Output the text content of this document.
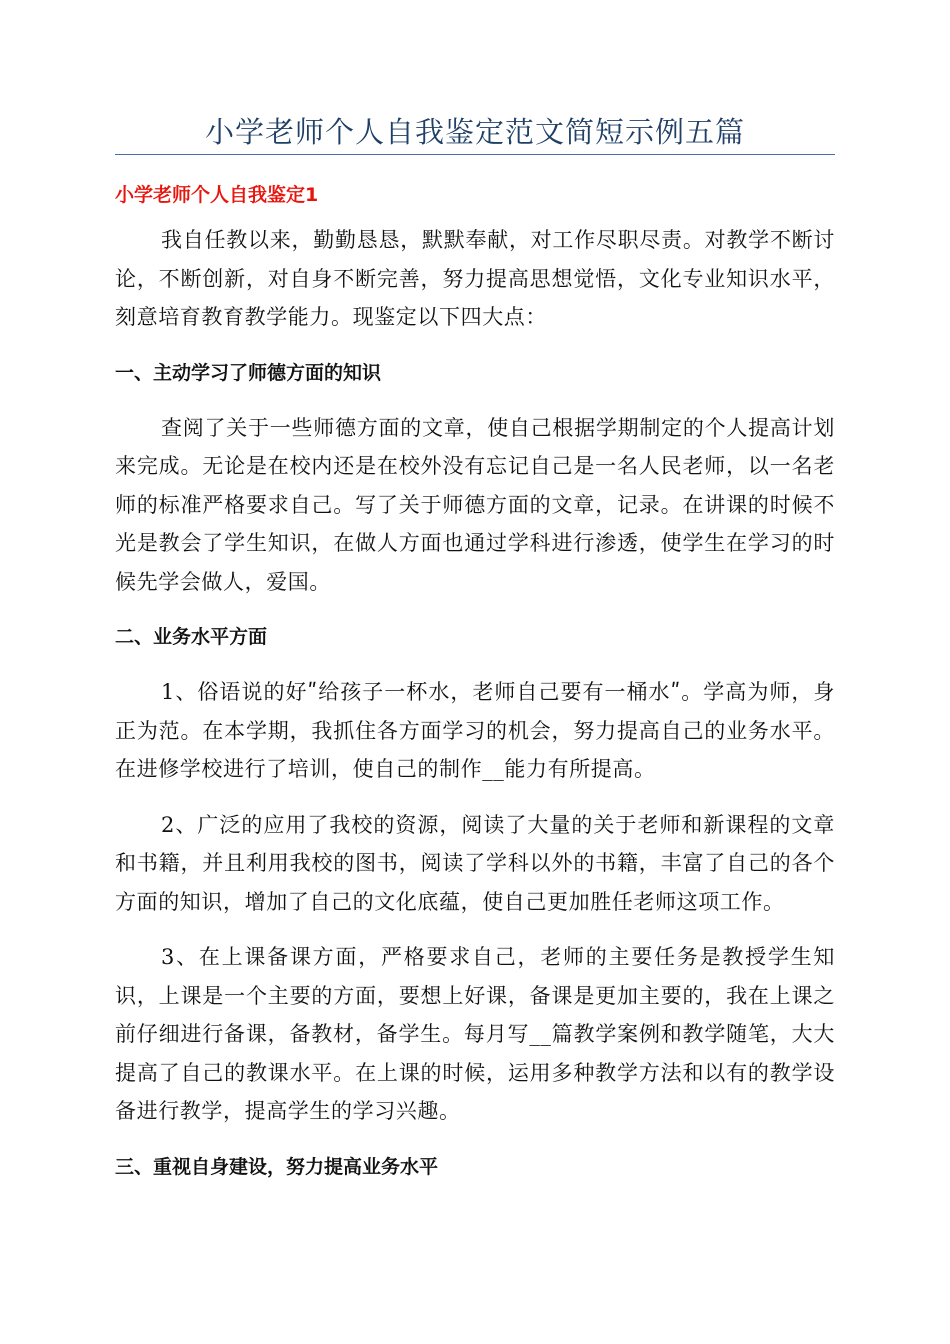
小学老师个人自我鉴定范文简短示例五篇
小学老师个人自我鉴定1

我自任教以来，勤勤恳恳，默默奉献，对工作尽职尽责。对教学不断讨论，不断创新，对自身不断完善，努力提高思想觉悟，文化专业知识水平，刻意培育教育教学能力。现鉴定以下四大点：

一、主动学习了师德方面的知识

查阅了关于一些师德方面的文章，使自己根据学期制定的个人提高计划来完成。无论是在校内还是在校外没有忘记自己是一名人民老师，以一名老师的标准严格要求自己。写了关于师德方面的文章，记录。在讲课的时候不光是教会了学生知识，在做人方面也通过学科进行渗透，使学生在学习的时候先学会做人，爱国。

二、业务水平方面

1、俗语说的好ʺ给孩子一杯水，老师自己要有一桶水ʺ。学高为师，身正为范。在本学期，我抓住各方面学习的机会，努力提高自己的业务水平。在进修学校进行了培训，使自己的制作__能力有所提高。

2、广泛的应用了我校的资源，阅读了大量的关于老师和新课程的文章和书籍，并且利用我校的图书，阅读了学科以外的书籍，丰富了自己的各个方面的知识，增加了自己的文化底蕴，使自己更加胜任老师这项工作。

3、在上课备课方面，严格要求自己，老师的主要任务是教授学生知识，上课是一个主要的方面，要想上好课，备课是更加主要的，我在上课之前仔细进行备课，备教材，备学生。每月写__篇教学案例和教学随笔，大大提高了自己的教课水平。在上课的时候，运用多种教学方法和以有的教学设备进行教学，提高学生的学习兴趣。

三、重视自身建设，努力提高业务水平
